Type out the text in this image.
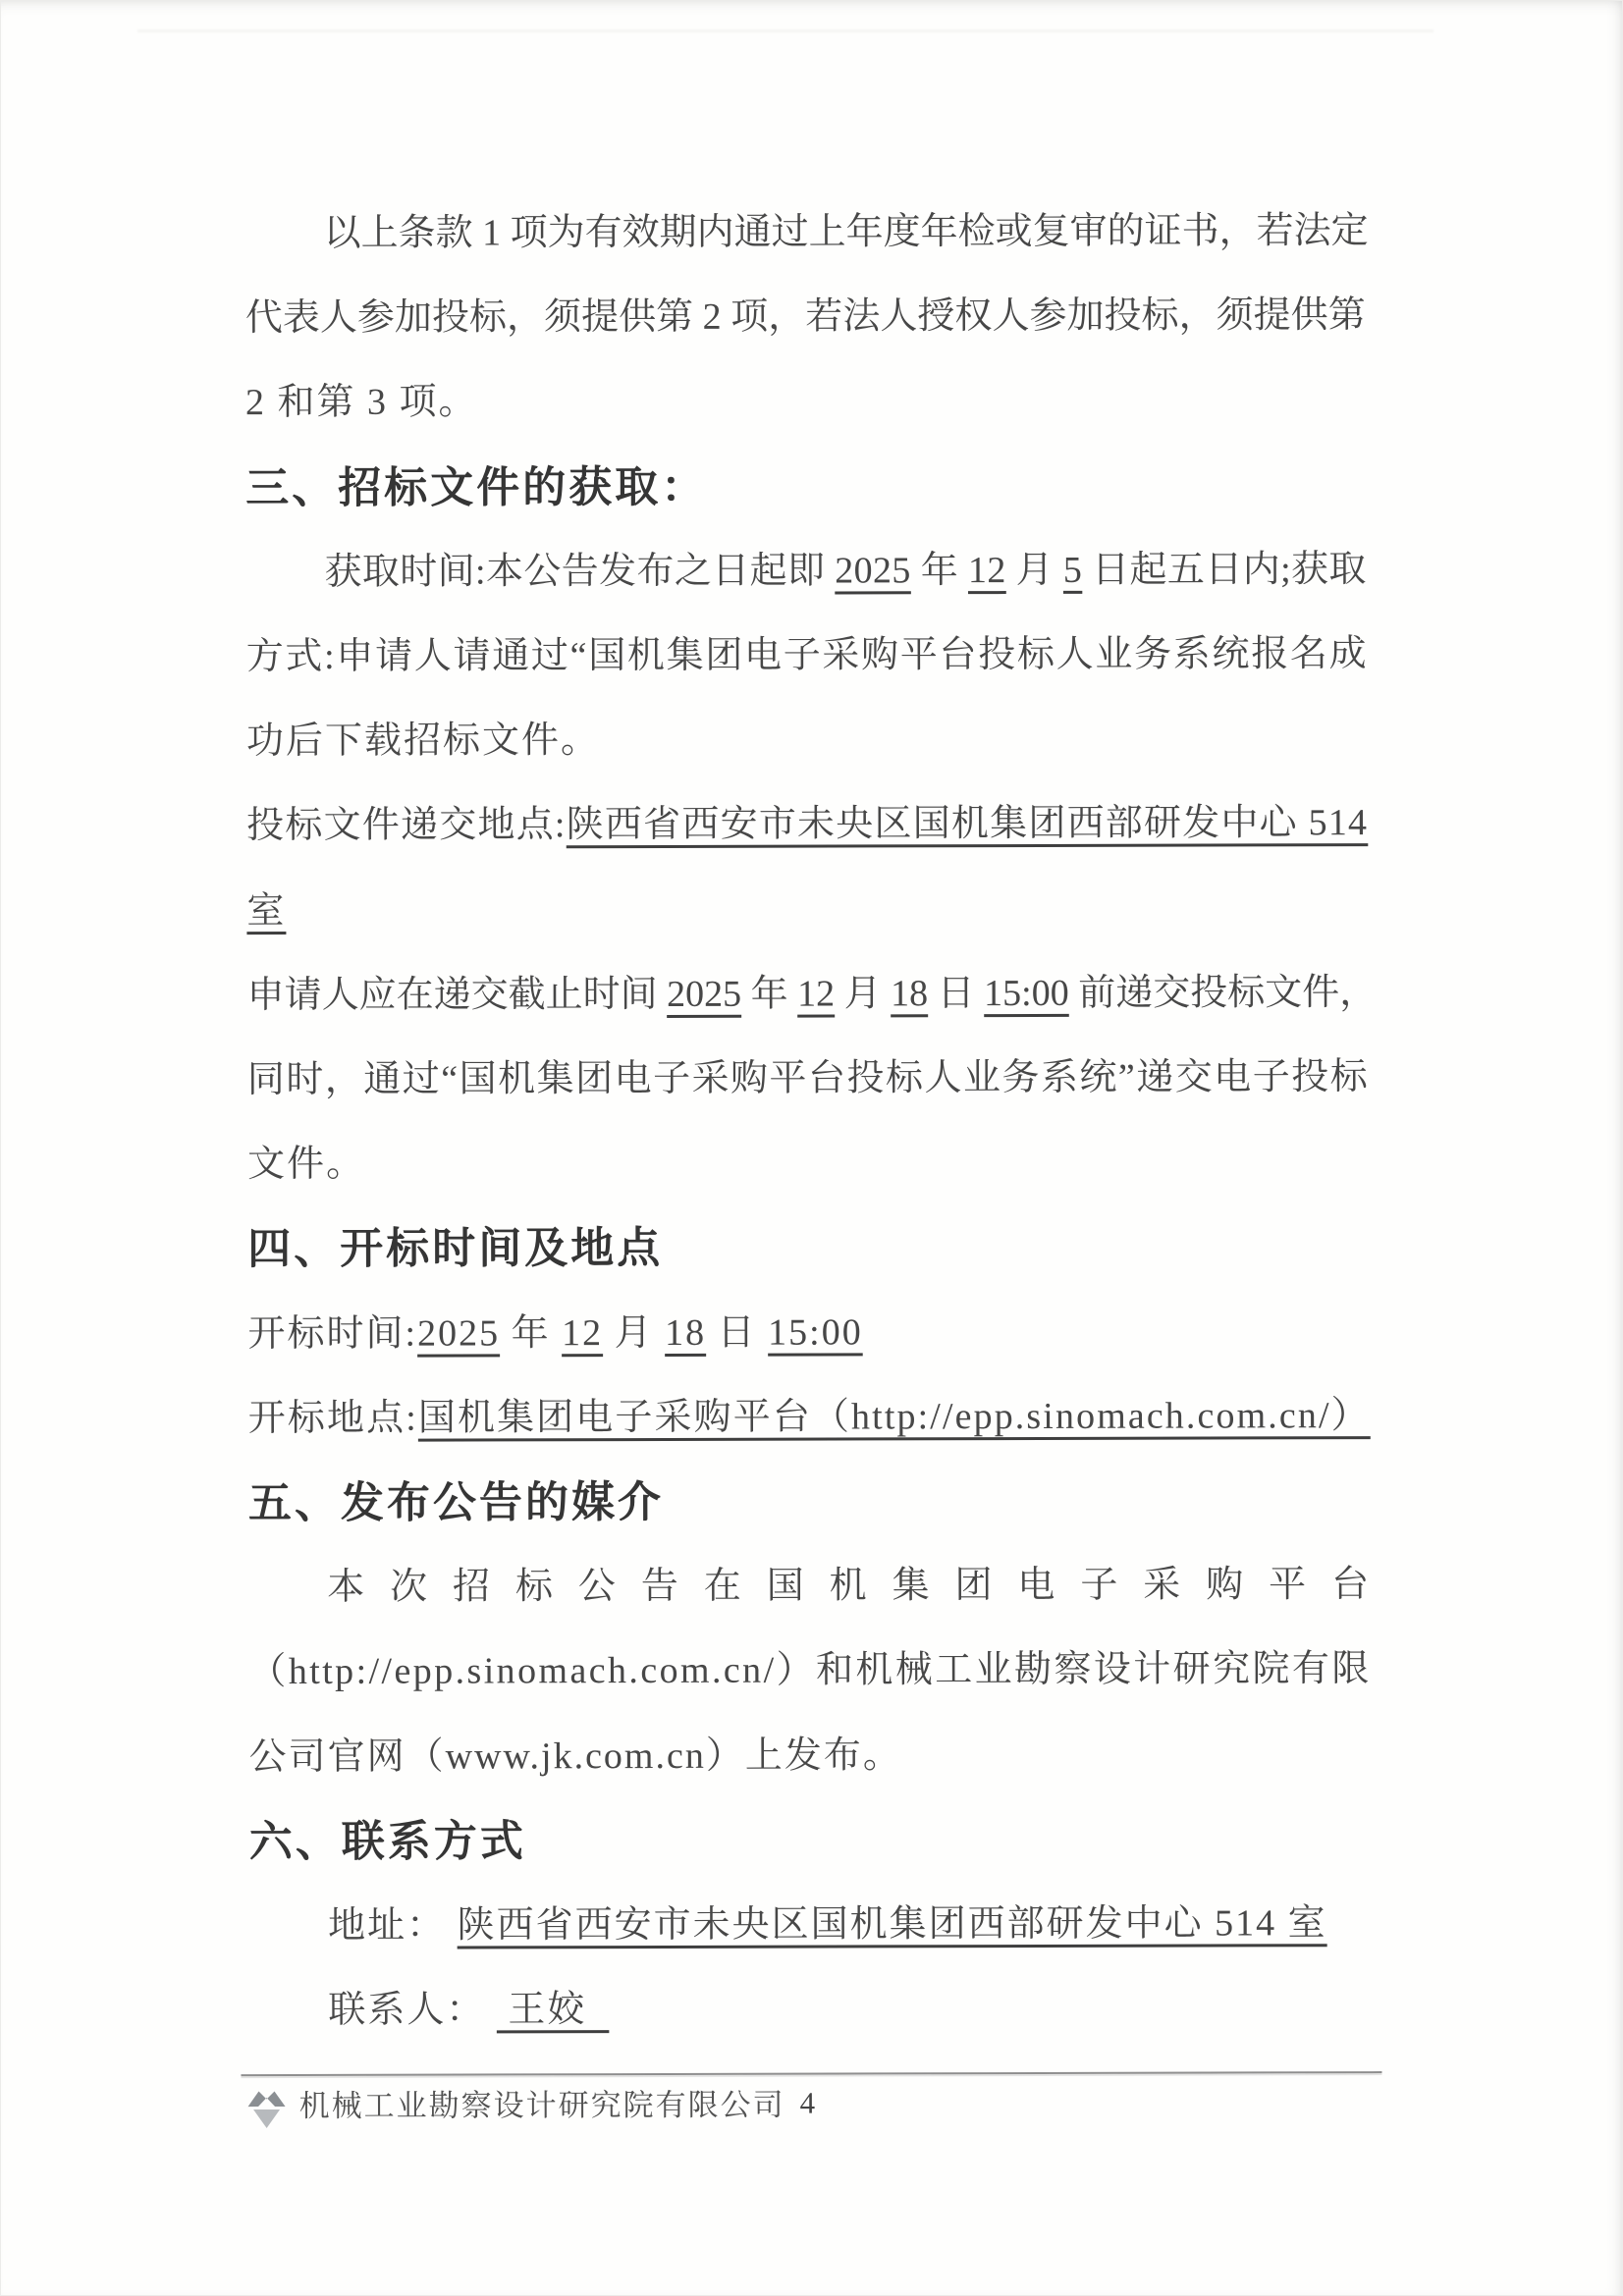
以上条款 1 项为有效期内通过上年度年检或复审的证书，若法定
代表人参加投标，须提供第 2 项，若法人授权人参加投标，须提供第
2 和第 3 项。
三、招标文件的获取：
获取时间:本公告发布之日起即 2025 年 12 月 5 日起五日内;获取
方式:申请人请通过“国机集团电子采购平台投标人业务系统报名成
功后下载招标文件。
投标文件递交地点:陕西省西安市未央区国机集团西部研发中心 514
室
申请人应在递交截止时间 2025 年 12 月 18 日 15:00 前递交投标文件，
同时，通过“国机集团电子采购平台投标人业务系统”递交电子投标
文件。
四、开标时间及地点
开标时间:2025 年 12 月 18 日 15:00
开标地点:国机集团电子采购平台（http://epp.sinomach.com.cn/）
五、发布公告的媒介
本次招标公告在国机集团电子采购平台
（http://epp.sinomach.com.cn/）和机械工业勘察设计研究院有限
公司官网（www.jk.com.cn）上发布。
六、联系方式
地址： 陕西省西安市未央区国机集团西部研发中心 514 室
联系人：  王姣
机械工业勘察设计研究院有限公司 4
